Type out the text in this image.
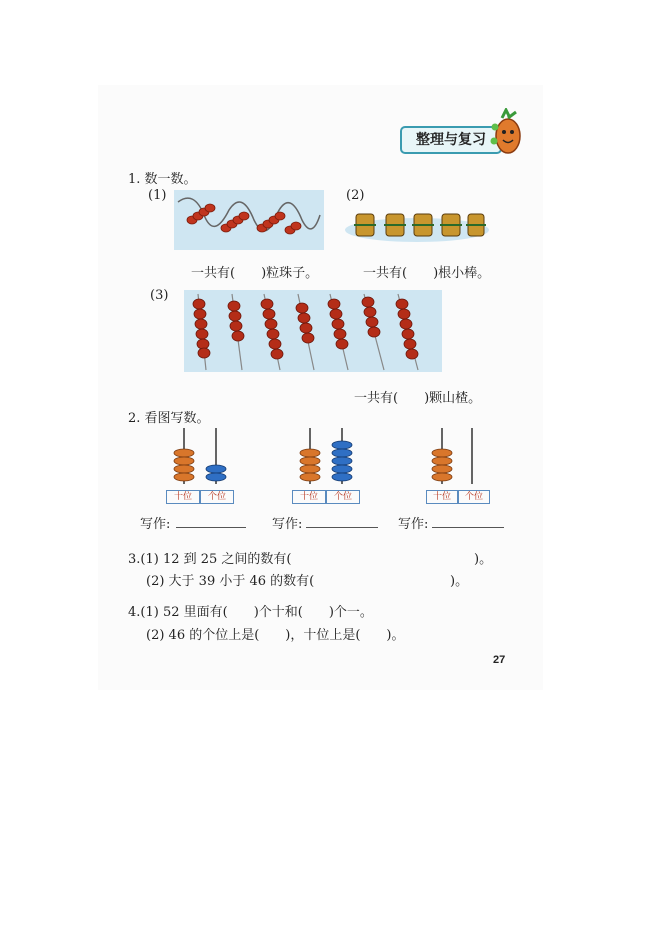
整理与复习
1. 数一数。
(1)
一共有(　　)粒珠子。
(2)
一共有(　　)根小棒。
(3)
一共有(　　)颗山楂。
2. 看图写数。
十位	个位	十位	个位	十位	个位
写作:	写作:	写作:
3.(1) 12 到 25 之间的数有(	)。
(2) 大于 39 小于 46 的数有(	)。
4.(1) 52 里面有(　　)个十和(　　)个一。
(2) 46 的个位上是(　　)，十位上是(　　)。
27
